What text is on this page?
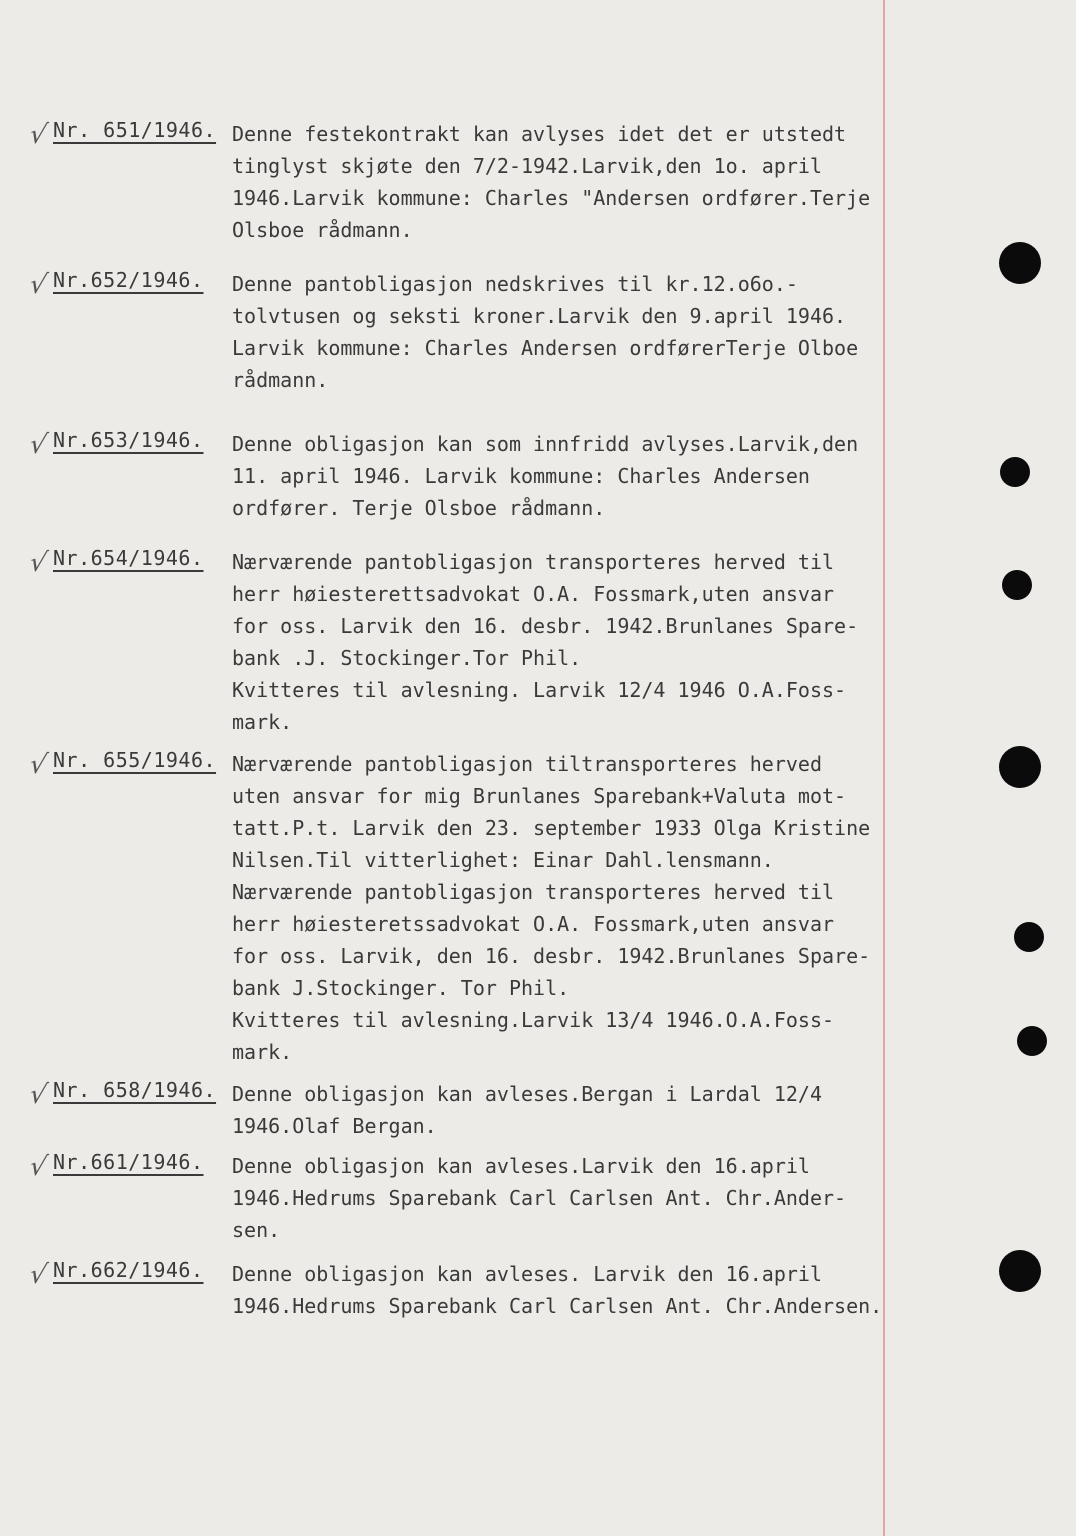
√ Nr. 651/1946. Denne festekontrakt kan avlyses idet det er utstedt
tinglyst skjøte den 7/2-1942.Larvik,den 1o. april
1946.Larvik kommune: Charles "Andersen ordfører.Terje
Olsboe rådmann.

√ Nr.652/1946. Denne pantobligasjon nedskrives til kr.12.o6o.-
tolvtusen og seksti kroner.Larvik den 9.april 1946.
Larvik kommune: Charles Andersen ordførerTerje Olboe
rådmann.

√ Nr.653/1946. Denne obligasjon kan som innfridd avlyses.Larvik,den
11. april 1946. Larvik kommune: Charles Andersen
ordfører. Terje Olsboe rådmann.

√ Nr.654/1946. Nærværende pantobligasjon transporteres herved til
herr høiesterettsadvokat O.A. Fossmark,uten ansvar
for oss. Larvik den 16. desbr. 1942.Brunlanes Spare-
bank .J. Stockinger.Tor Phil.
Kvitteres til avlesning. Larvik 12/4 1946 O.A.Foss-
mark.

√ Nr. 655/1946. Nærværende pantobligasjon tiltransporteres herved
uten ansvar for mig Brunlanes Sparebank+Valuta mot-
tatt.P.t. Larvik den 23. september 1933 Olga Kristine
Nilsen.Til vitterlighet: Einar Dahl.lensmann.
Nærværende pantobligasjon transporteres herved til
herr høiesteretssadvokat O.A. Fossmark,uten ansvar
for oss. Larvik, den 16. desbr. 1942.Brunlanes Spare-
bank J.Stockinger. Tor Phil.
Kvitteres til avlesning.Larvik 13/4 1946.O.A.Foss-
mark.

√ Nr. 658/1946. Denne obligasjon kan avleses.Bergan i Lardal 12/4
1946.Olaf Bergan.

√ Nr.661/1946. Denne obligasjon kan avleses.Larvik den 16.april
1946.Hedrums Sparebank Carl Carlsen Ant. Chr.Ander-
sen.

√ Nr.662/1946. Denne obligasjon kan avleses. Larvik den 16.april
1946.Hedrums Sparebank Carl Carlsen Ant. Chr.Andersen.
